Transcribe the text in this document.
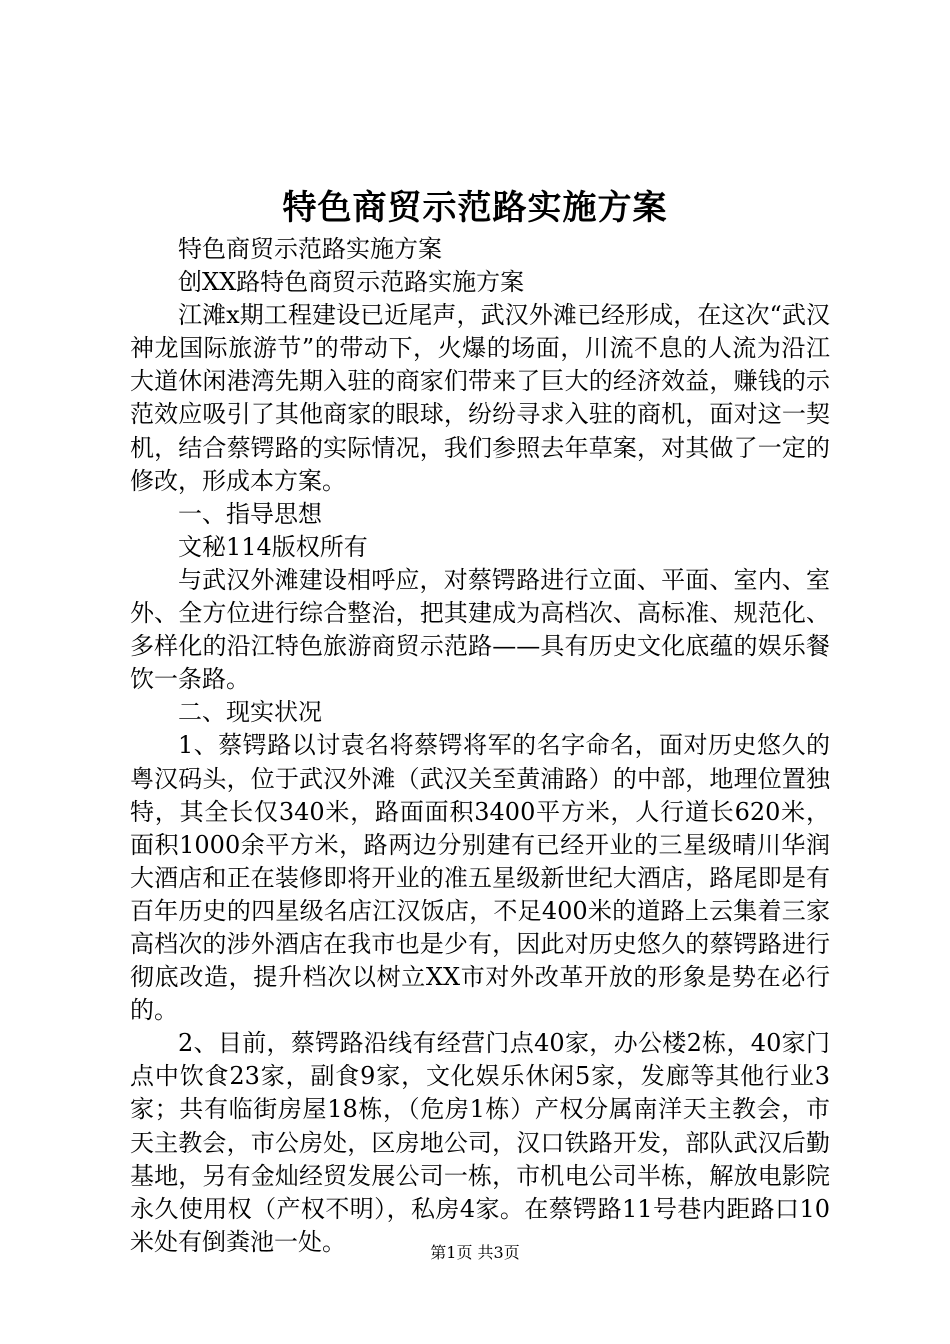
特色商贸示范路实施方案

特色商贸示范路实施方案

创XX路特色商贸示范路实施方案

江滩x期工程建设已近尾声，武汉外滩已经形成，在这次“武汉神龙国际旅游节”的带动下，火爆的场面，川流不息的人流为沿江大道休闲港湾先期入驻的商家们带来了巨大的经济效益，赚钱的示范效应吸引了其他商家的眼球，纷纷寻求入驻的商机，面对这一契机，结合蔡锷路的实际情况，我们参照去年草案，对其做了一定的修改，形成本方案。

一、指导思想

文秘114版权所有

与武汉外滩建设相呼应，对蔡锷路进行立面、平面、室内、室外、全方位进行综合整治，把其建成为高档次、高标准、规范化、多样化的沿江特色旅游商贸示范路——具有历史文化底蕴的娱乐餐饮一条路。

二、现实状况

1、蔡锷路以讨袁名将蔡锷将军的名字命名，面对历史悠久的粤汉码头，位于武汉外滩（武汉关至黄浦路）的中部，地理位置独特，其全长仅340米，路面面积3400平方米，人行道长620米，面积1000余平方米，路两边分别建有已经开业的三星级晴川华润大酒店和正在装修即将开业的准五星级新世纪大酒店，路尾即是有百年历史的四星级名店江汉饭店，不足400米的道路上云集着三家高档次的涉外酒店在我市也是少有，因此对历史悠久的蔡锷路进行彻底改造，提升档次以树立XX市对外改革开放的形象是势在必行的。

2、目前，蔡锷路沿线有经营门点40家，办公楼2栋，40家门点中饮食23家，副食9家，文化娱乐休闲5家，发廊等其他行业3家；共有临街房屋18栋，（危房1栋）产权分属南洋天主教会，市天主教会，市公房处，区房地公司，汉口铁路开发，部队武汉后勤基地，另有金灿经贸发展公司一栋，市机电公司半栋，解放电影院永久使用权（产权不明），私房4家。在蔡锷路11号巷内距路口10米处有倒粪池一处。	第1页 共3页
